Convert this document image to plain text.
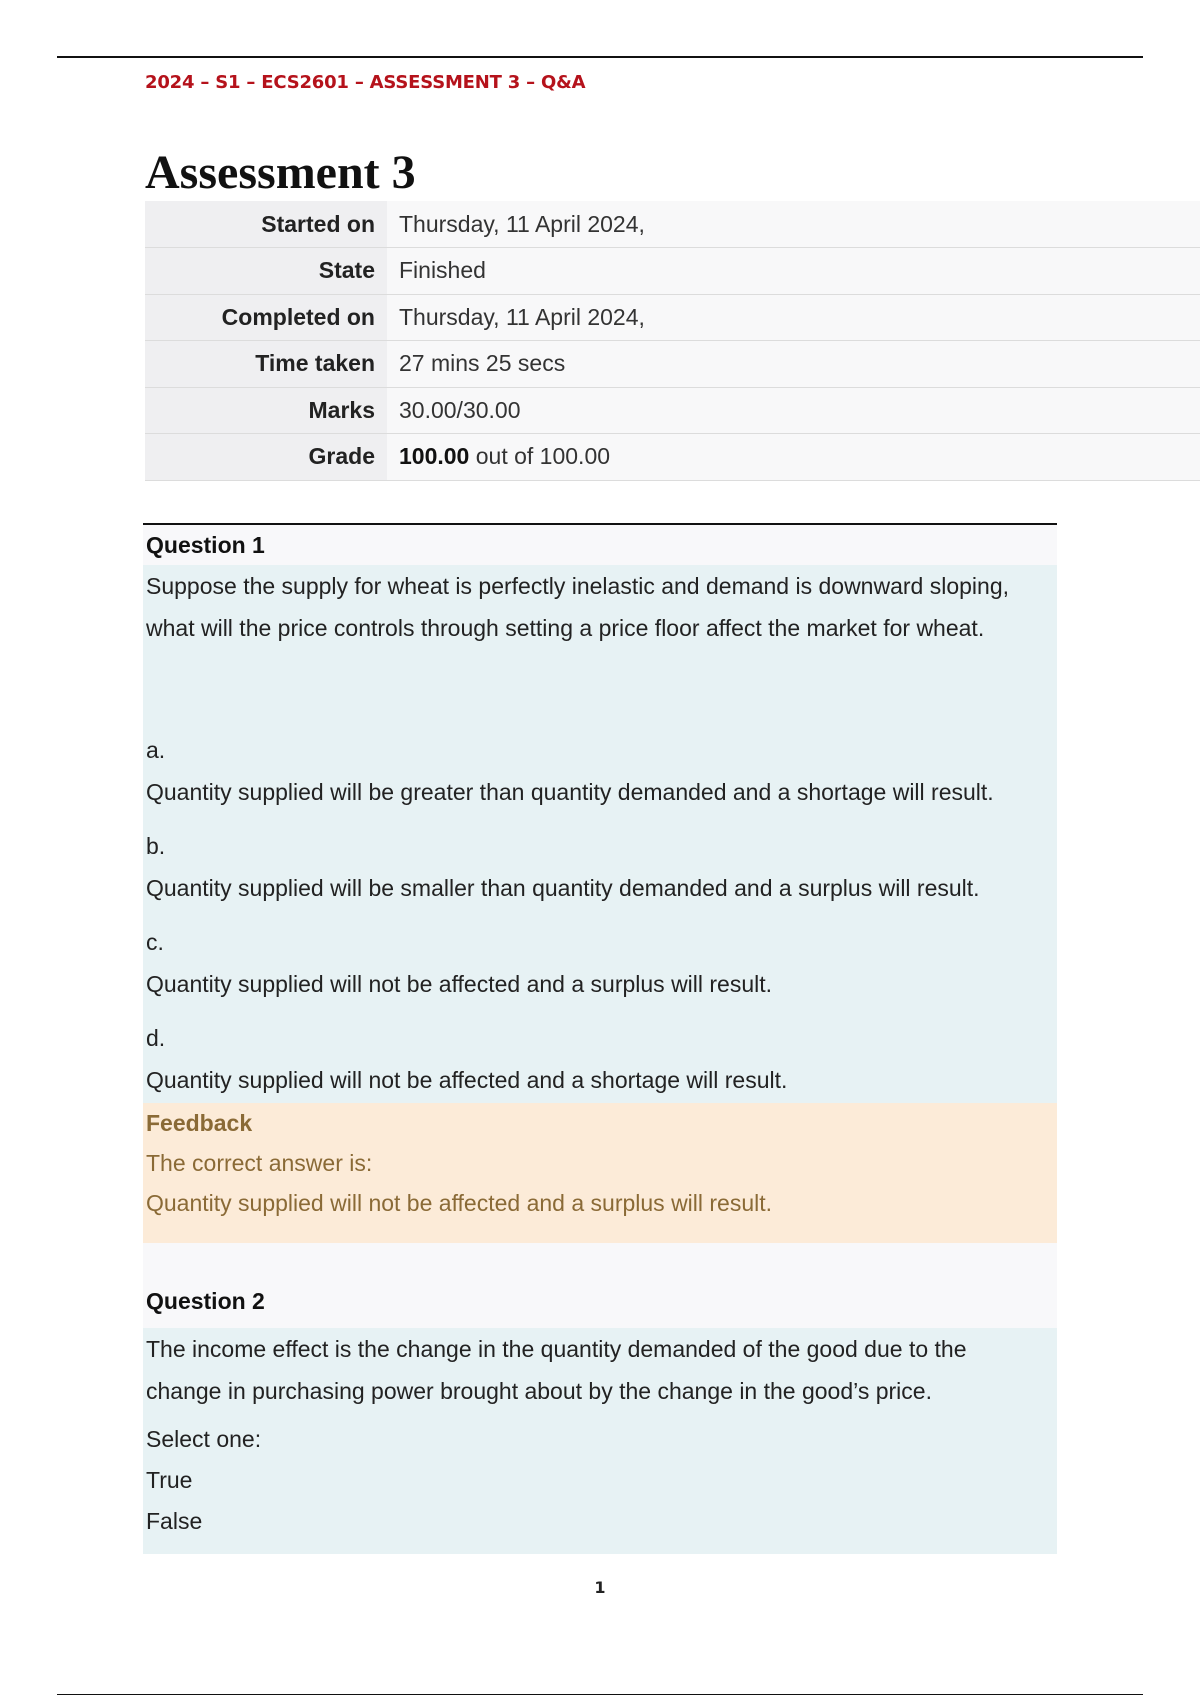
2024 – S1 – ECS2601 – ASSESSMENT 3 – Q&A
Assessment 3
Started on	Thursday, 11 April 2024,
State	Finished
Completed on	Thursday, 11 April 2024,
Time taken	27 mins 25 secs
Marks	30.00/30.00
Grade	100.00 out of 100.00
Question 1
Suppose the supply for wheat is perfectly inelastic and demand is downward sloping,
what will the price controls through setting a price floor affect the market for wheat.
a.
Quantity supplied will be greater than quantity demanded and a shortage will result.
b.
Quantity supplied will be smaller than quantity demanded and a surplus will result.
c.
Quantity supplied will not be affected and a surplus will result.
d.
Quantity supplied will not be affected and a shortage will result.
Feedback
The correct answer is:
Quantity supplied will not be affected and a surplus will result.
Question 2
The income effect is the change in the quantity demanded of the good due to the
change in purchasing power brought about by the change in the good’s price.
Select one:
True
False
1
